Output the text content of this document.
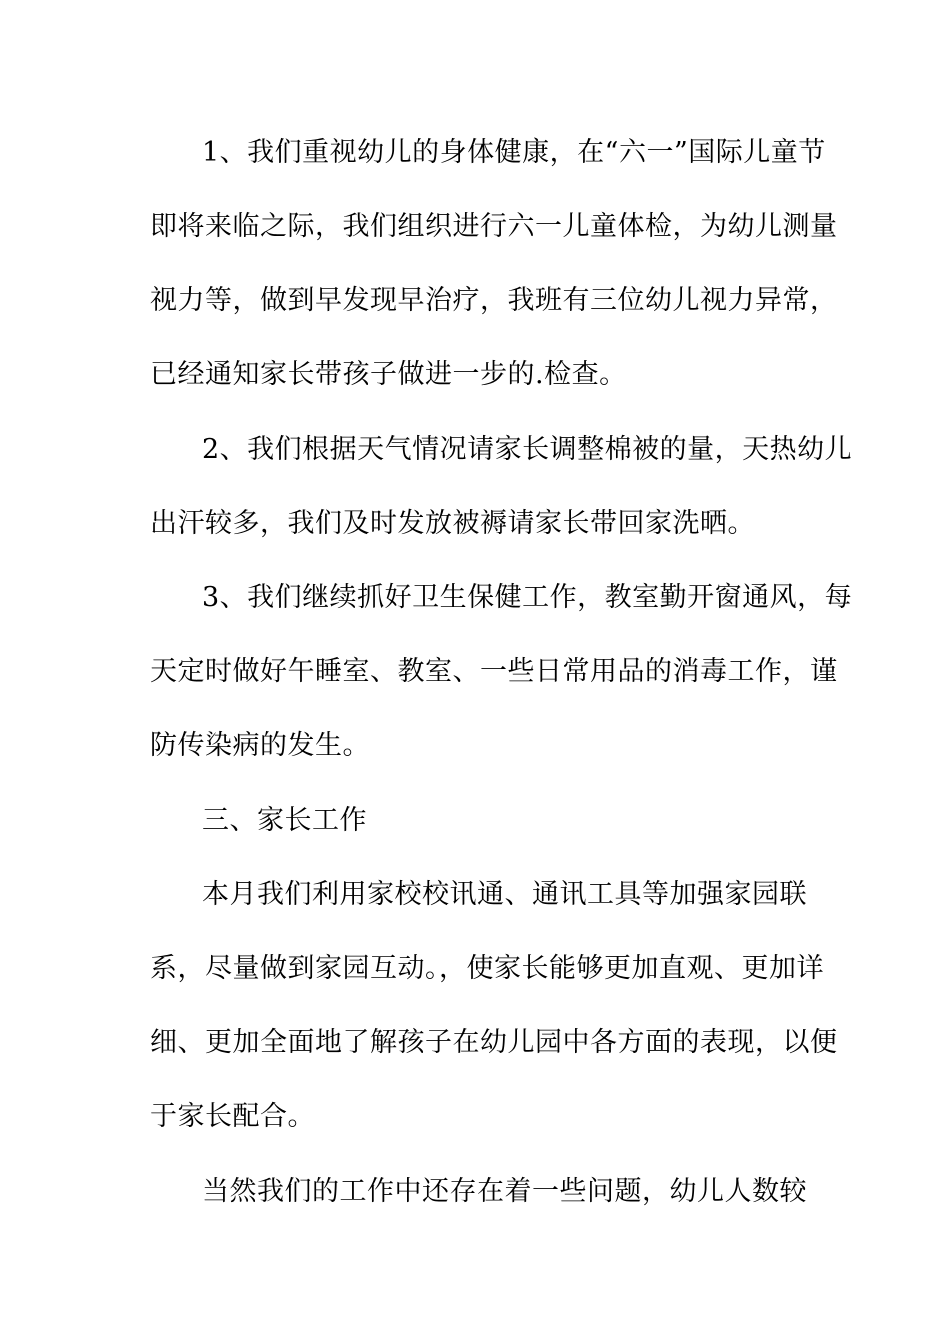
1、我们重视幼儿的身体健康，在“六一”国际儿童节
即将来临之际，我们组织进行六一儿童体检，为幼儿测量
视力等，做到早发现早治疗，我班有三位幼儿视力异常，
已经通知家长带孩子做进一步的.检查。
2、我们根据天气情况请家长调整棉被的量，天热幼儿
出汗较多，我们及时发放被褥请家长带回家洗晒。
3、我们继续抓好卫生保健工作，教室勤开窗通风，每
天定时做好午睡室、教室、一些日常用品的消毒工作，谨
防传染病的发生。
三、家长工作
本月我们利用家校校讯通、通讯工具等加强家园联
系，尽量做到家园互动。，使家长能够更加直观、更加详
细、更加全面地了解孩子在幼儿园中各方面的表现，以便
于家长配合。
当然我们的工作中还存在着一些问题，幼儿人数较
